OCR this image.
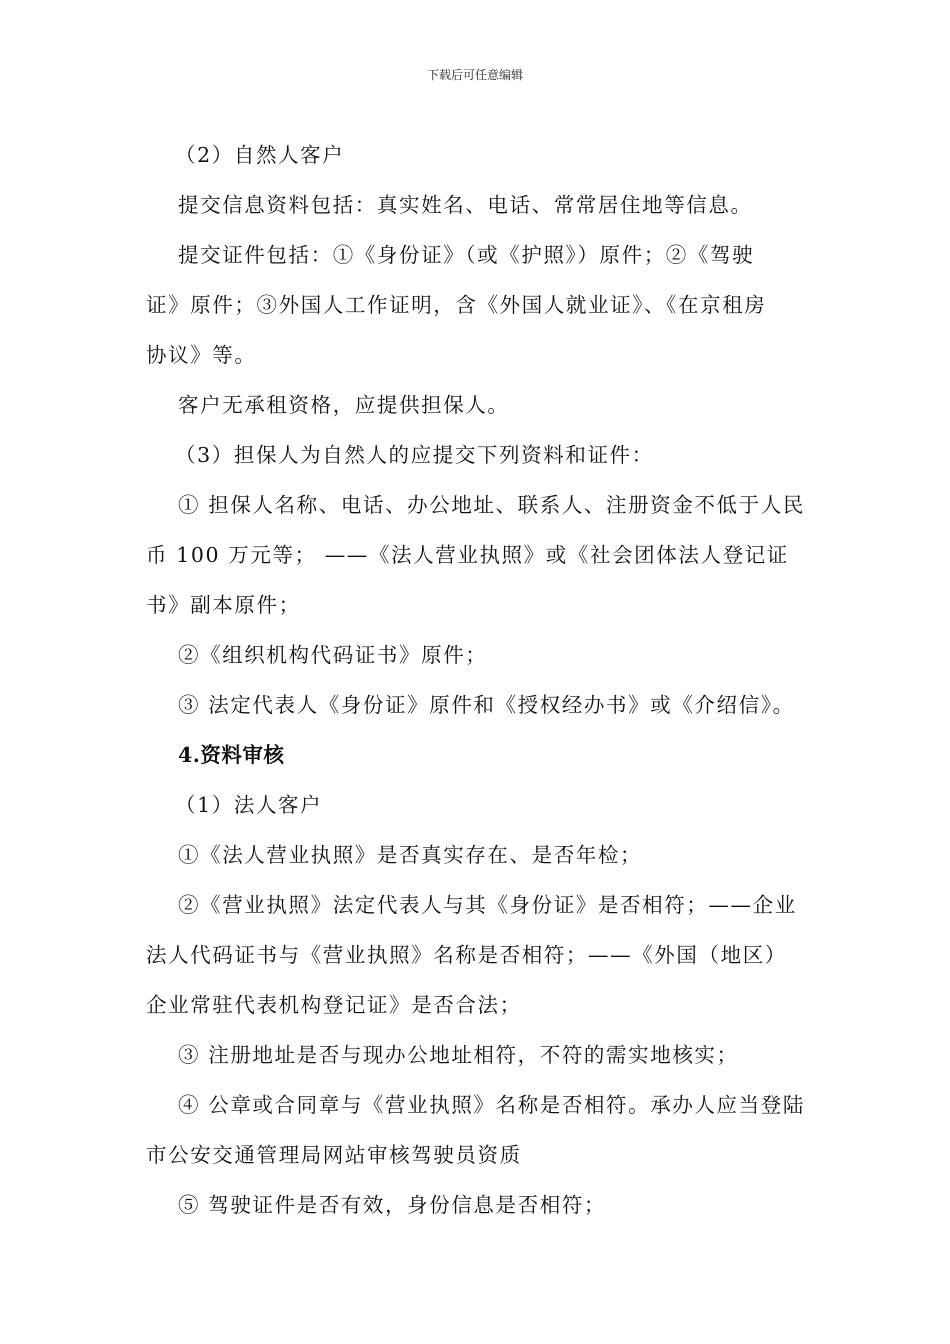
下载后可任意编辑
（2）自然人客户
提交信息资料包括：真实姓名、电话、常常居住地等信息。
提交证件包括：①《身份证》（或《护照》）原件；②《驾驶
证》原件；③外国人工作证明，含《外国人就业证》、《在京租房
协议》等。
客户无承租资格，应提供担保人。
（3）担保人为自然人的应提交下列资料和证件：
① 担保人名称、电话、办公地址、联系人、注册资金不低于人民
币 100 万元等； ——《法人营业执照》或《社会团体法人登记证
书》副本原件；
②《组织机构代码证书》原件；
③ 法定代表人《身份证》原件和《授权经办书》或《介绍信》。
4.资料审核
（1）法人客户
①《法人营业执照》是否真实存在、是否年检；
②《营业执照》法定代表人与其《身份证》是否相符；——企业
法人代码证书与《营业执照》名称是否相符；——《外国（地区）
企业常驻代表机构登记证》是否合法；
③ 注册地址是否与现办公地址相符，不符的需实地核实；
④ 公章或合同章与《营业执照》名称是否相符。承办人应当登陆
市公安交通管理局网站审核驾驶员资质
⑤ 驾驶证件是否有效，身份信息是否相符；
